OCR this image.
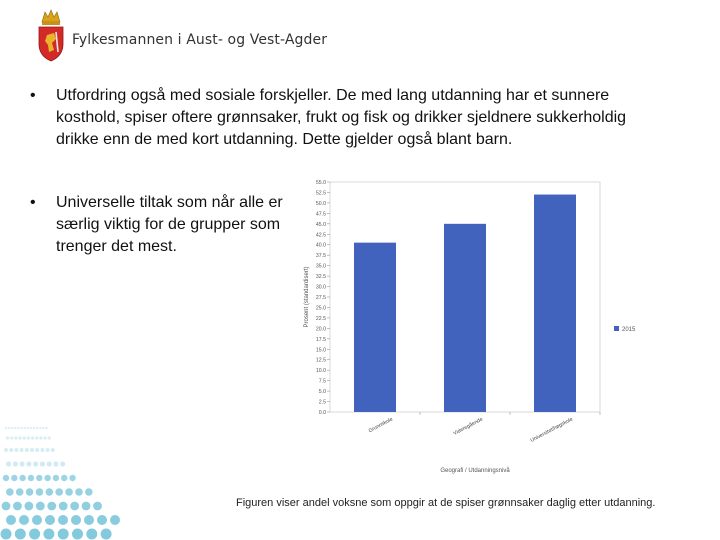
Fylkesmannen i Aust- og Vest-Agder
•	Utfordring også med sosiale forskjeller. De med lang utdanning har et sunnere kosthold, spiser oftere grønnsaker, frukt og fisk og drikker sjeldnere sukkerholdig drikke enn de med kort utdanning. Dette gjelder også blant barn.
•	Universelle tiltak som når alle er særlig viktig for de grupper som trenger det mest.
0.0
2.5
5.0
7.5
10.0
12.5
15.0
17.5
20.0
22.5
25.0
27.5
30.0
32.5
35.0
37.5
40.0
42.5
45.0
47.5
50.0
52.5
55.0
Prosent (standardisert)
Grunnskole	Videregående	Universitet/høgskole
Geografi / Utdanningsnivå
2015
Figuren viser andel voksne som oppgir at de spiser grønnsaker daglig etter utdanning.
